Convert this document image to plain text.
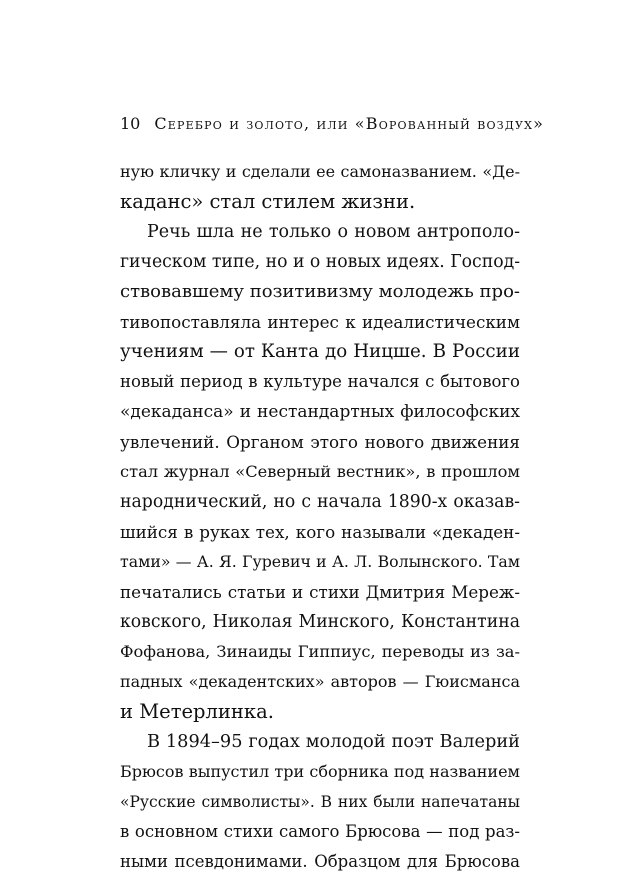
10 Серебро и золото, или «Ворованный воздух»
ную кличку и сделали ее самоназванием. «Де-
каданс» стал стилем жизни.
Речь шла не только о новом антрополо-
гическом типе, но и о новых идеях. Господ-
ствовавшему позитивизму молодежь про-
тивопоставляла интерес к идеалистическим
учениям — от Канта до Ницше. В России
новый период в культуре начался с бытового
«декаданса» и нестандартных философских
увлечений. Органом этого нового движения
стал журнал «Северный вестник», в прошлом
народнический, но с начала 1890-х оказав-
шийся в руках тех, кого называли «декаден-
тами» — А. Я. Гуревич и А. Л. Волынского. Там
печатались статьи и стихи Дмитрия Мереж-
ковского, Николая Минского, Константина
Фофанова, Зинаиды Гиппиус, переводы из за-
падных «декадентских» авторов — Гюисманса
и Метерлинка.
В 1894–95 годах молодой поэт Валерий
Брюсов выпустил три сборника под названием
«Русские символисты». В них были напечатаны
в основном стихи самого Брюсова — под раз-
ными псевдонимами. Образцом для Брюсова
